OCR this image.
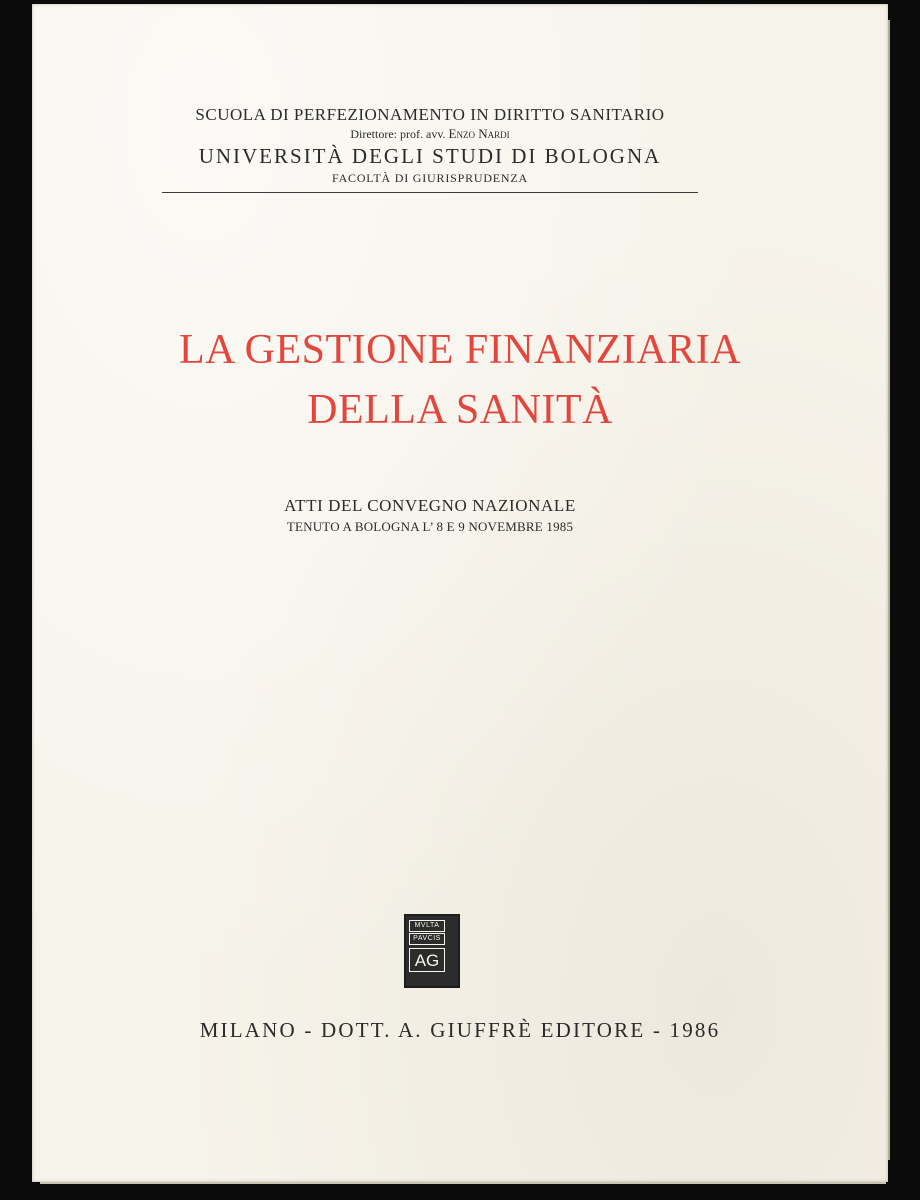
SCUOLA DI PERFEZIONAMENTO IN DIRITTO SANITARIO
Direttore: prof. avv. Enzo Nardi
UNIVERSITÀ DEGLI STUDI DI BOLOGNA
FACOLTÀ DI GIURISPRUDENZA
LA GESTIONE FINANZIARIA
DELLA SANITÀ
ATTI DEL CONVEGNO NAZIONALE
TENUTO A BOLOGNA L’ 8 E 9 NOVEMBRE 1985
MVLTA
PAVCIS
AG
MILANO - DOTT. A. GIUFFRÈ EDITORE - 1986
